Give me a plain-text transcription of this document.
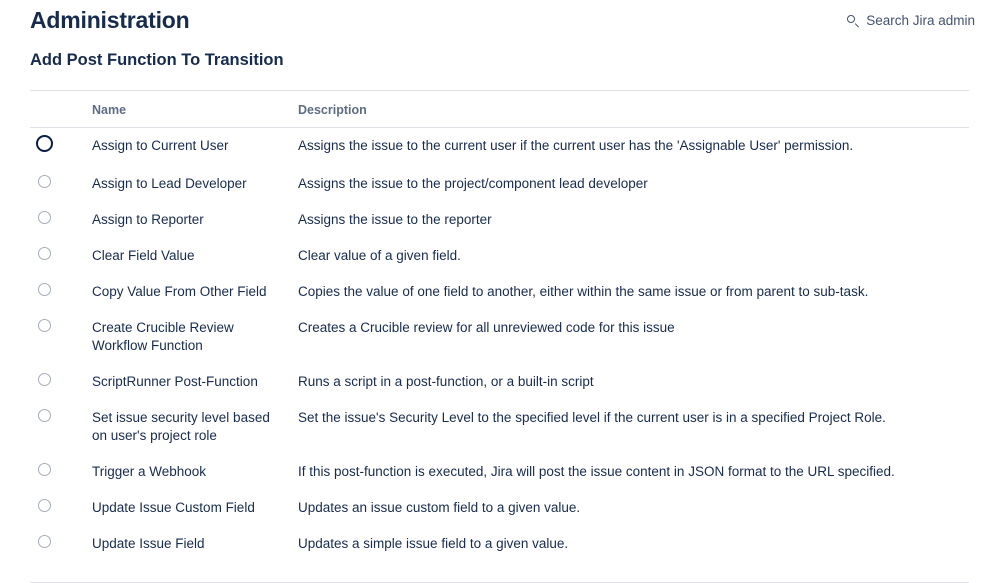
Administration	Search Jira admin
Add Post Function To Transition
	Name	Description
	Assign to Current User	Assigns the issue to the current user if the current user has the 'Assignable User' permission.
	Assign to Lead Developer	Assigns the issue to the project/component lead developer
	Assign to Reporter	Assigns the issue to the reporter
	Clear Field Value	Clear value of a given field.
	Copy Value From Other Field	Copies the value of one field to another, either within the same issue or from parent to sub-task.
	Create Crucible Review Workflow Function	Creates a Crucible review for all unreviewed code for this issue
	ScriptRunner Post-Function	Runs a script in a post-function, or a built-in script
	Set issue security level based on user's project role	Set the issue's Security Level to the specified level if the current user is in a specified Project Role.
	Trigger a Webhook	If this post-function is executed, Jira will post the issue content in JSON format to the URL specified.
	Update Issue Custom Field	Updates an issue custom field to a given value.
	Update Issue Field	Updates a simple issue field to a given value.
